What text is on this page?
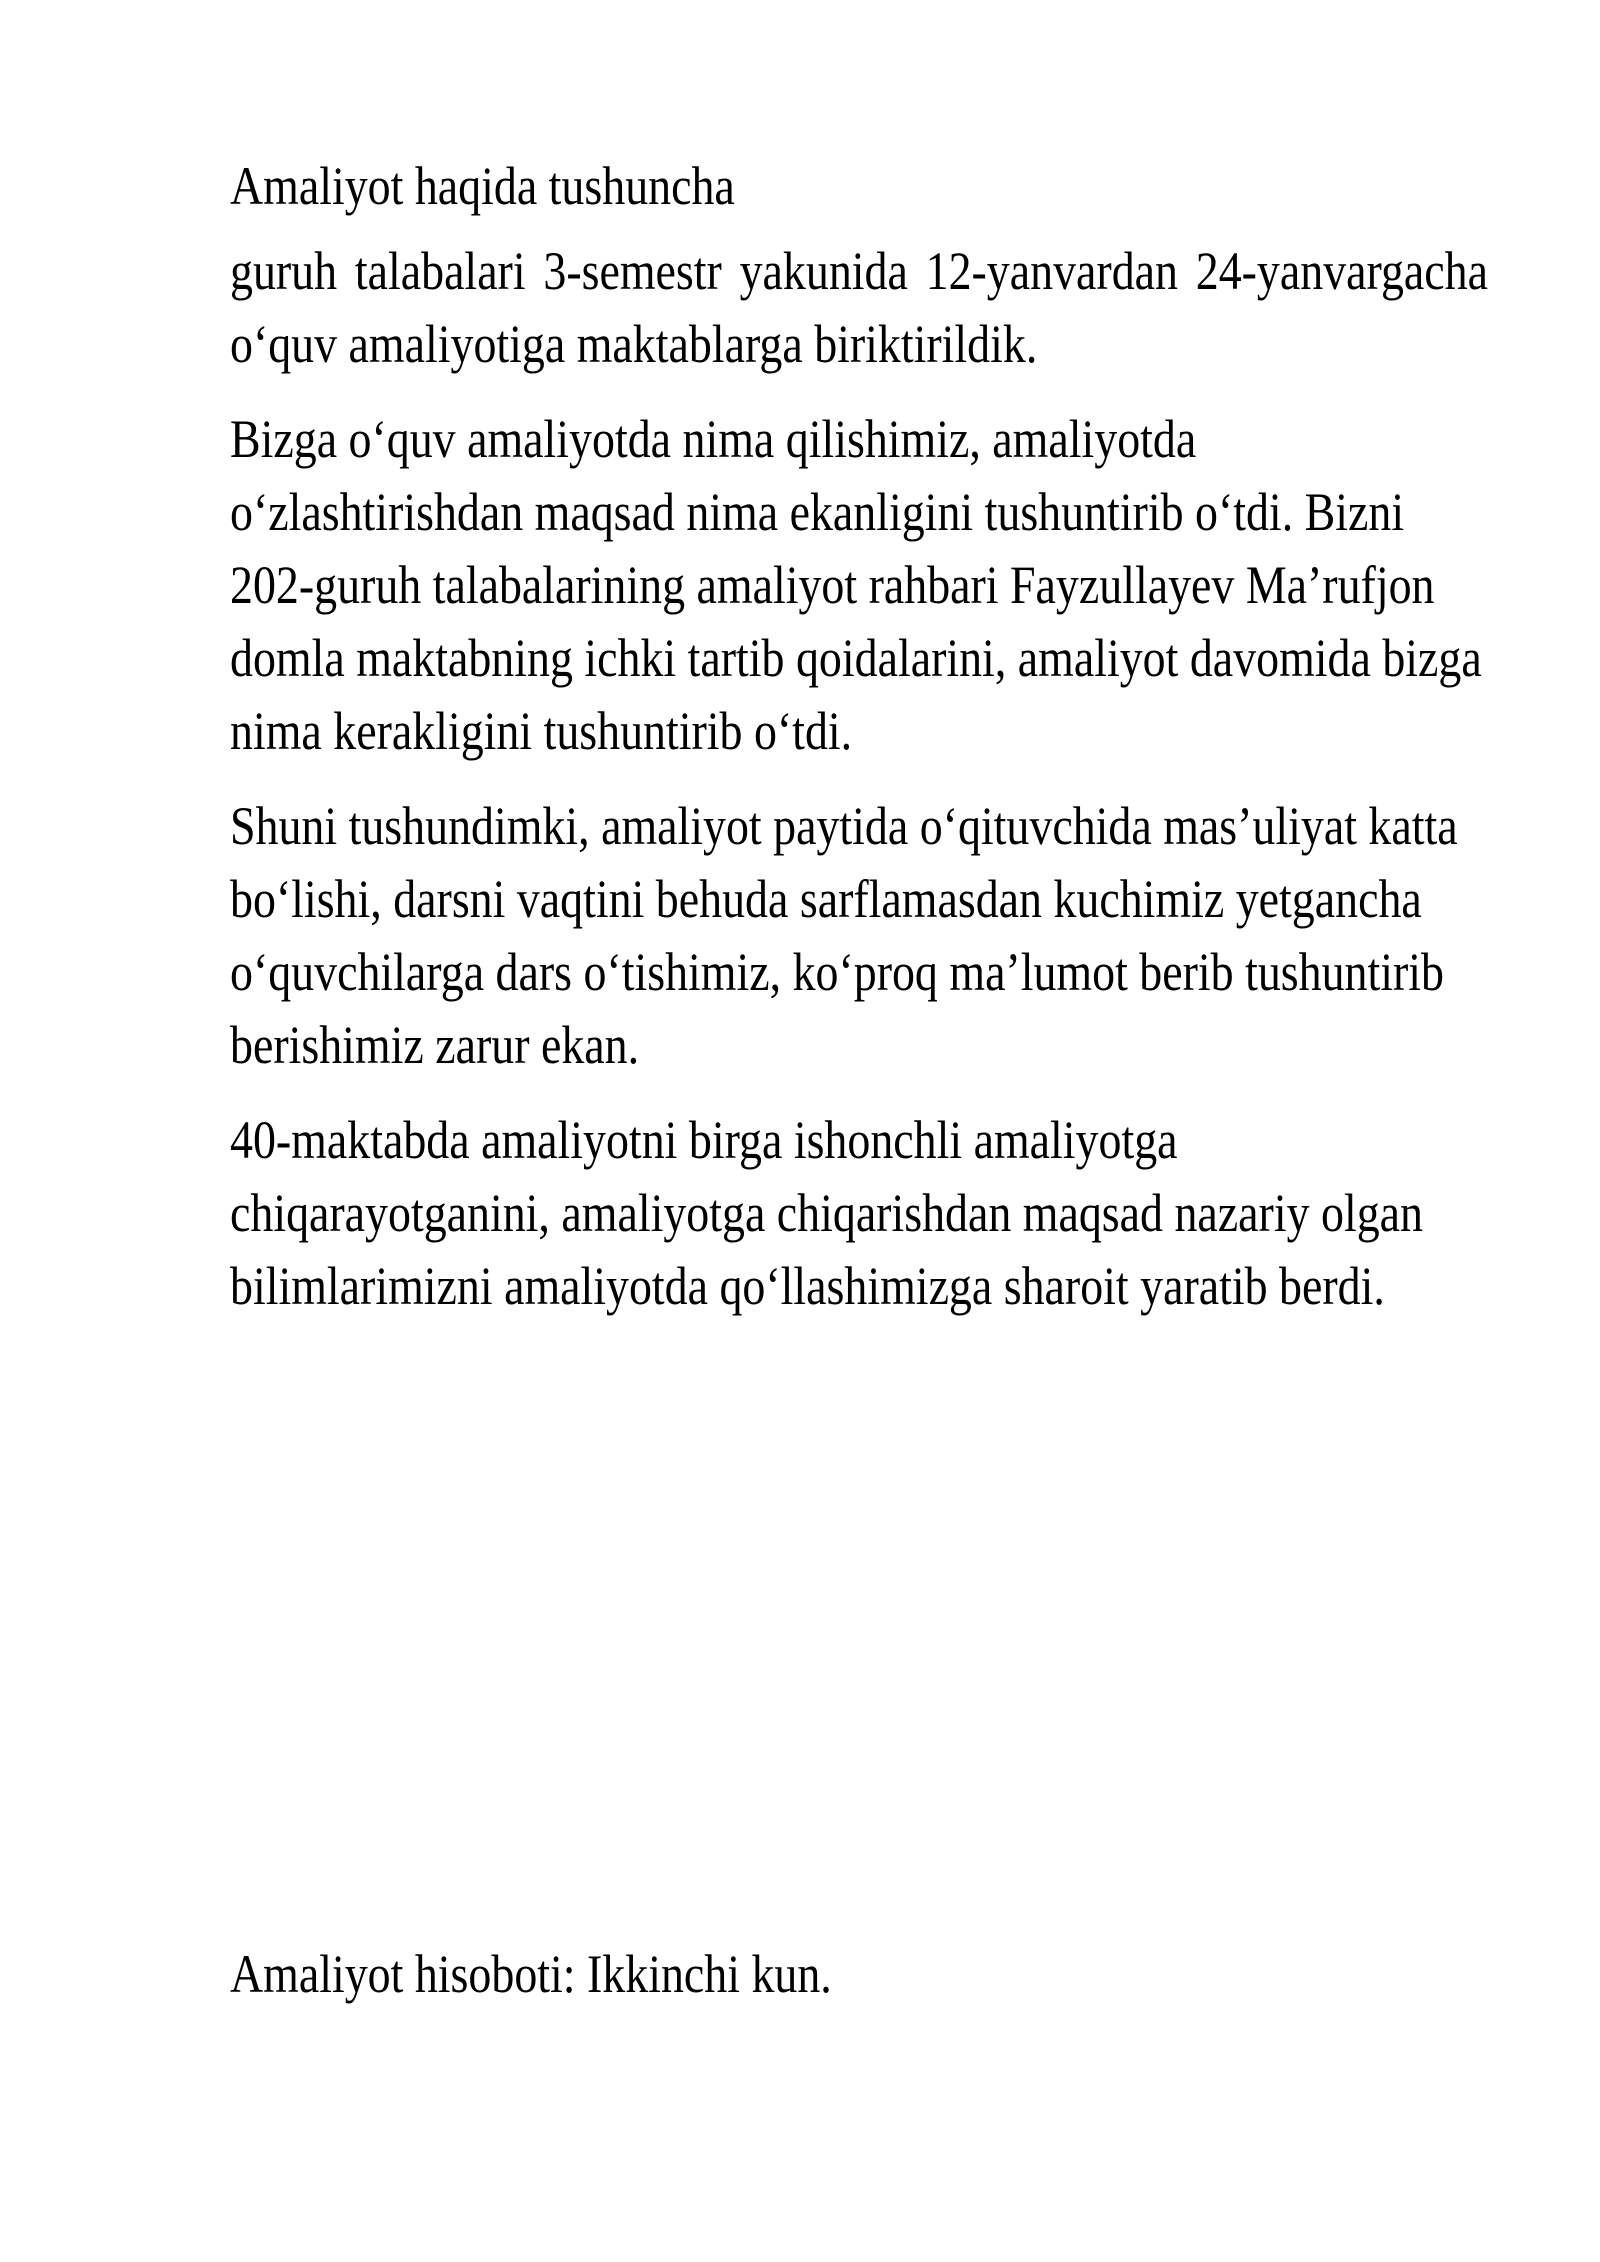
Amaliyot haqida tushuncha

guruh talabalari 3-semestr yakunida 12-yanvardan 24-yanvargacha o‘quv amaliyotiga maktablarga biriktirildik.

Bizga o‘quv amaliyotda nima qilishimiz, amaliyotda o‘zlashtirishdan maqsad nima ekanligini tushuntirib o‘tdi. Bizni 202-guruh talabalarining amaliyot rahbari Fayzullayev Ma’rufjon domla maktabning ichki tartib qoidalarini, amaliyot davomida bizga nima kerakligini tushuntirib o‘tdi.

Shuni tushundimki, amaliyot paytida o‘qituvchida mas’uliyat katta bo‘lishi, darsni vaqtini behuda sarflamasdan kuchimiz yetgancha o‘quvchilarga dars o‘tishimiz, ko‘proq ma’lumot berib tushuntirib berishimiz zarur ekan.

40-maktabda amaliyotni birga ishonchli amaliyotga chiqarayotganini, amaliyotga chiqarishdan maqsad nazariy olgan bilimlarimizni amaliyotda qo‘llashimizga sharoit yaratib berdi.

Amaliyot hisoboti: Ikkinchi kun.
